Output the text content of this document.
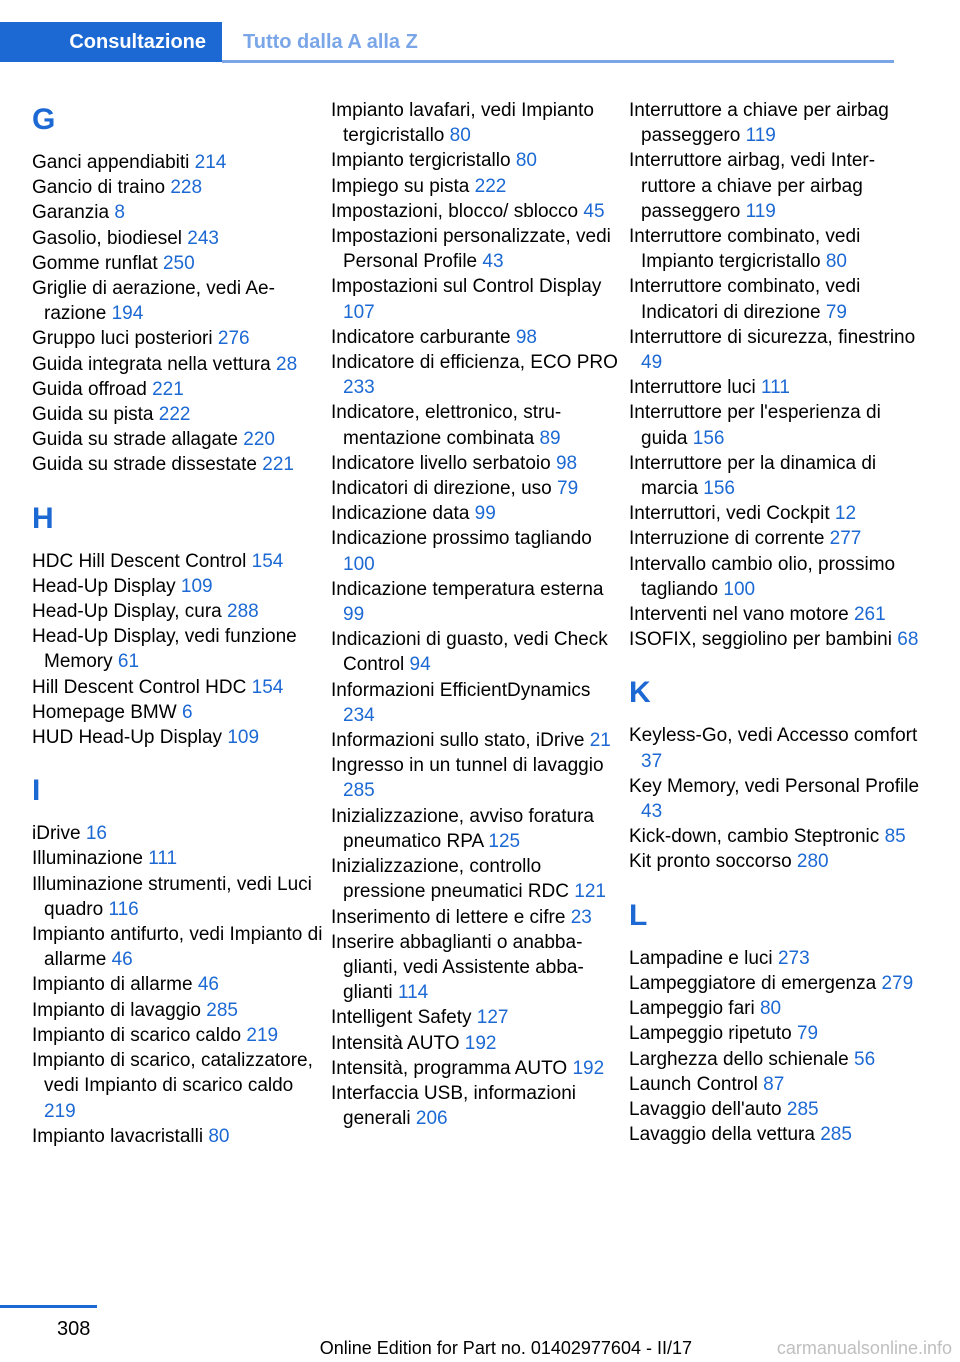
Consultazione	Tutto dalla A alla Z
G
Ganci appendiabiti 214
Gancio di traino 228
Garanzia 8
Gasolio, biodiesel 243
Gomme runflat 250
Griglie di aerazione, vedi Aerazione 194
Gruppo luci posteriori 276
Guida integrata nella vettura 28
Guida offroad 221
Guida su pista 222
Guida su strade allagate 220
Guida su strade dissestate 221
H
HDC Hill Descent Control 154
Head-Up Display 109
Head-Up Display, cura 288
Head-Up Display, vedi funzione Memory 61
Hill Descent Control HDC 154
Homepage BMW 6
HUD Head-Up Display 109
I
iDrive 16
Illuminazione 111
Illuminazione strumenti, vedi Luci quadro 116
Impianto antifurto, vedi Impianto di allarme 46
Impianto di allarme 46
Impianto di lavaggio 285
Impianto di scarico caldo 219
Impianto di scarico, catalizzatore, vedi Impianto di scarico caldo 219
Impianto lavacristalli 80
Impianto lavafari, vedi Impianto tergicristallo 80
Impianto tergicristallo 80
Impiego su pista 222
Impostazioni, blocco/ sblocco 45
Impostazioni personalizzate, vedi Personal Profile 43
Impostazioni sul Control Display 107
Indicatore carburante 98
Indicatore di efficienza, ECO PRO 233
Indicatore, elettronico, strumentazione combinata 89
Indicatore livello serbatoio 98
Indicatori di direzione, uso 79
Indicazione data 99
Indicazione prossimo tagliando 100
Indicazione temperatura esterna 99
Indicazioni di guasto, vedi Check Control 94
Informazioni EfficientDynamics 234
Informazioni sullo stato, iDrive 21
Ingresso in un tunnel di lavaggio 285
Inizializzazione, avviso foratura pneumatico RPA 125
Inizializzazione, controllo pressione pneumatici RDC 121
Inserimento di lettere e cifre 23
Inserire abbaglianti o anabbaglianti, vedi Assistente abbaglianti 114
Intelligent Safety 127
Intensità AUTO 192
Intensità, programma AUTO 192
Interfaccia USB, informazioni generali 206
Interruttore a chiave per airbag passeggero 119
Interruttore airbag, vedi Interruttore a chiave per airbag passeggero 119
Interruttore combinato, vedi Impianto tergicristallo 80
Interruttore combinato, vedi Indicatori di direzione 79
Interruttore di sicurezza, finestrino 49
Interruttore luci 111
Interruttore per l'esperienza di guida 156
Interruttore per la dinamica di marcia 156
Interruttori, vedi Cockpit 12
Interruzione di corrente 277
Intervallo cambio olio, prossimo tagliando 100
Interventi nel vano motore 261
ISOFIX, seggiolino per bambini 68
K
Keyless-Go, vedi Accesso comfort 37
Key Memory, vedi Personal Profile 43
Kick-down, cambio Steptronic 85
Kit pronto soccorso 280
L
Lampadine e luci 273
Lampeggiatore di emergenza 279
Lampeggio fari 80
Lampeggio ripetuto 79
Larghezza dello schienale 56
Launch Control 87
Lavaggio dell'auto 285
Lavaggio della vettura 285
308
Online Edition for Part no. 01402977604 - II/17	carmanualsonline.info
